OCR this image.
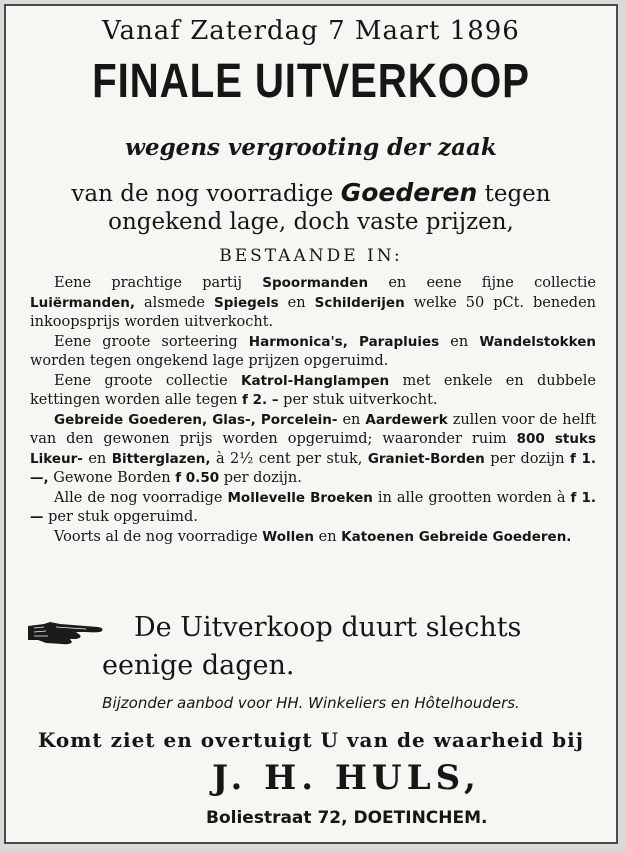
Vanaf Zaterdag 7 Maart 1896
FINALE UITVERKOOP
wegens vergrooting der zaak
van de nog voorradige Goederen tegen
ongekend lage, doch vaste prijzen,
BESTAANDE IN:

Eene prachtige partij Spoormanden en eene fijne collectie Luiërmanden, alsmede Spiegels en Schilderijen welke 50 pCt. beneden inkoopsprijs worden uitverkocht.

Eene groote sorteering Harmonica's, Parapluies en Wandelstokken worden tegen ongekend lage prijzen opgeruimd.

Eene groote collectie Katrol-Hanglampen met enkele en dubbele kettingen worden alle tegen f 2. – per stuk uitverkocht.

Gebreide Goederen, Glas-, Porcelein- en Aardewerk zullen voor de helft van den gewonen prijs worden opgeruimd; waaronder ruim 800 stuks Likeur- en Bitterglazen, à 2½ cent per stuk, Graniet-Borden per dozijn f 1.—, Gewone Borden f 0.50 per dozijn.

Alle de nog voorradige Mollevelle Broeken in alle grootten worden à f 1.— per stuk opgeruimd.

Voorts al de nog voorradige Wollen en Katoenen Gebreide Goederen.

De Uitverkoop duurt slechts
eenige dagen.
Bijzonder aanbod voor HH. Winkeliers en Hôtelhouders.
Komt ziet en overtuigt U van de waarheid bij
J. H. HULS,
Boliestraat 72, DOETINCHEM.
